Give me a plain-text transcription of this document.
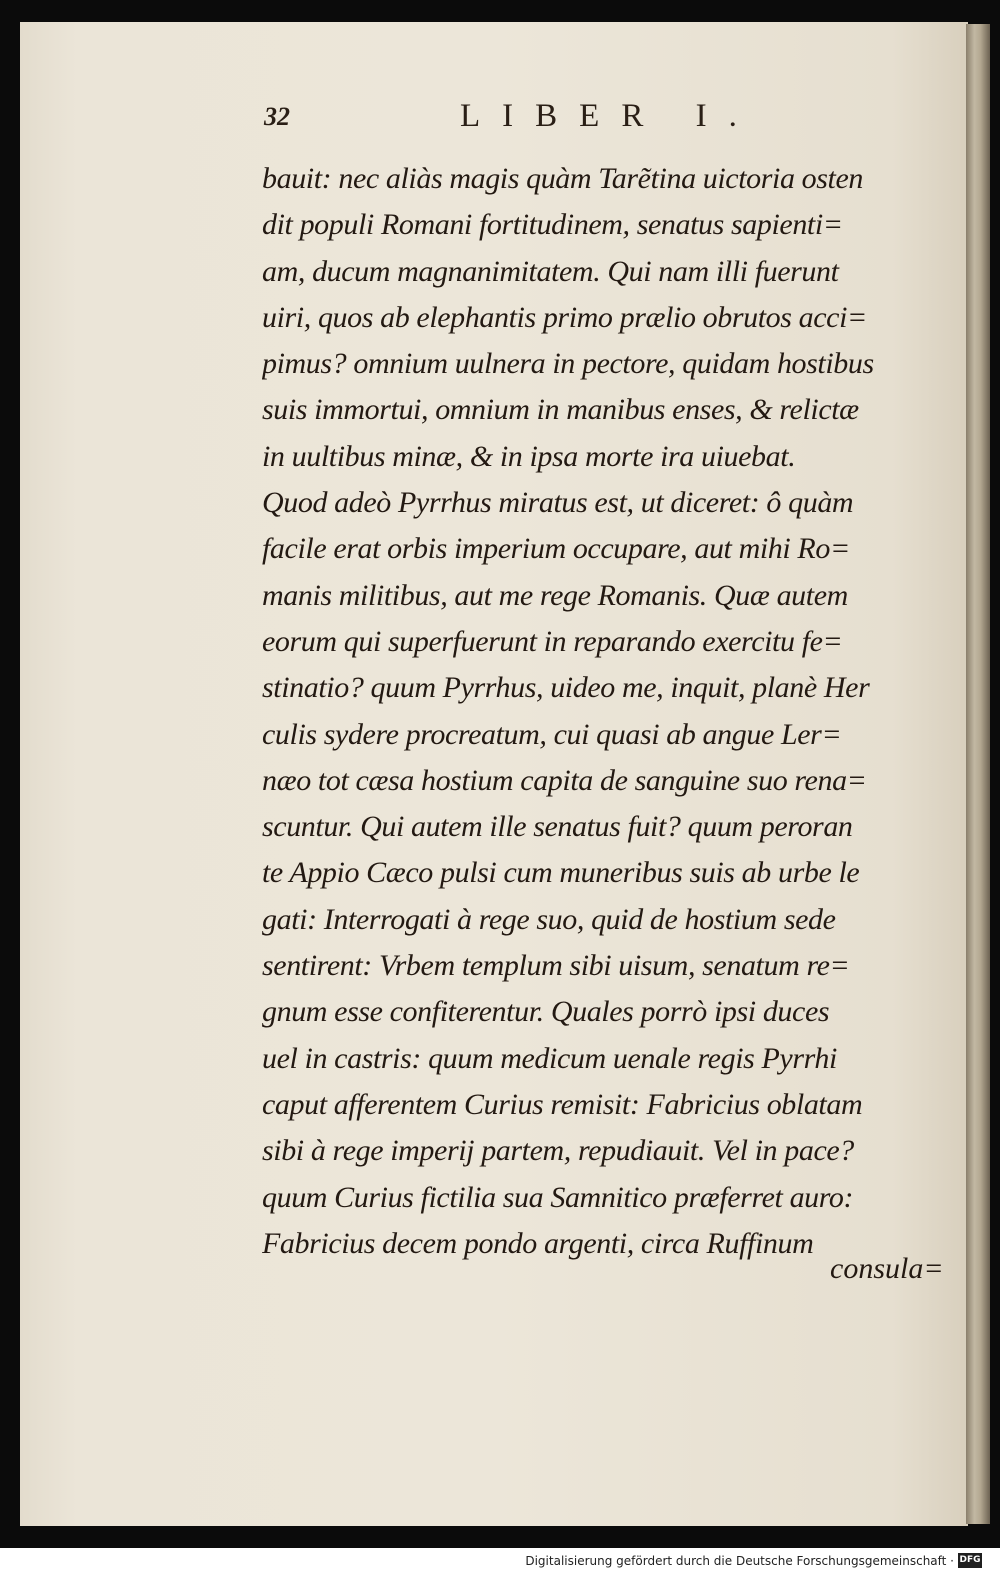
32	LIBER I.
bauit: nec aliàs magis quàm Tarẽtina uictoria osten
dit populi Romani fortitudinem, senatus sapienti=
am, ducum magnanimitatem. Qui nam illi fuerunt
uiri, quos ab elephantis primo prælio obrutos acci=
pimus? omnium uulnera in pectore, quidam hostibus
suis immortui, omnium in manibus enses, & relictæ
in uultibus minæ, & in ipsa morte ira uiuebat.
Quod adeò Pyrrhus miratus est, ut diceret: ô quàm
facile erat orbis imperium occupare, aut mihi Ro=
manis militibus, aut me rege Romanis. Quæ autem
eorum qui superfuerunt in reparando exercitu fe=
stinatio? quum Pyrrhus, uideo me, inquit, planè Her
culis sydere procreatum, cui quasi ab angue Ler=
næo tot cæsa hostium capita de sanguine suo rena=
scuntur. Qui autem ille senatus fuit? quum peroran
te Appio Cæco pulsi cum muneribus suis ab urbe le
gati: Interrogati à rege suo, quid de hostium sede
sentirent: Vrbem templum sibi uisum, senatum re=
gnum esse confiterentur. Quales porrò ipsi duces
uel in castris: quum medicum uenale regis Pyrrhi
caput afferentem Curius remisit: Fabricius oblatam
sibi à rege imperij partem, repudiauit. Vel in pace?
quum Curius fictilia sua Samnitico præferret auro:
Fabricius decem pondo argenti, circa Ruffinum
consula=
Digitalisierung gefördert durch die Deutsche Forschungsgemeinschaft · DFG
